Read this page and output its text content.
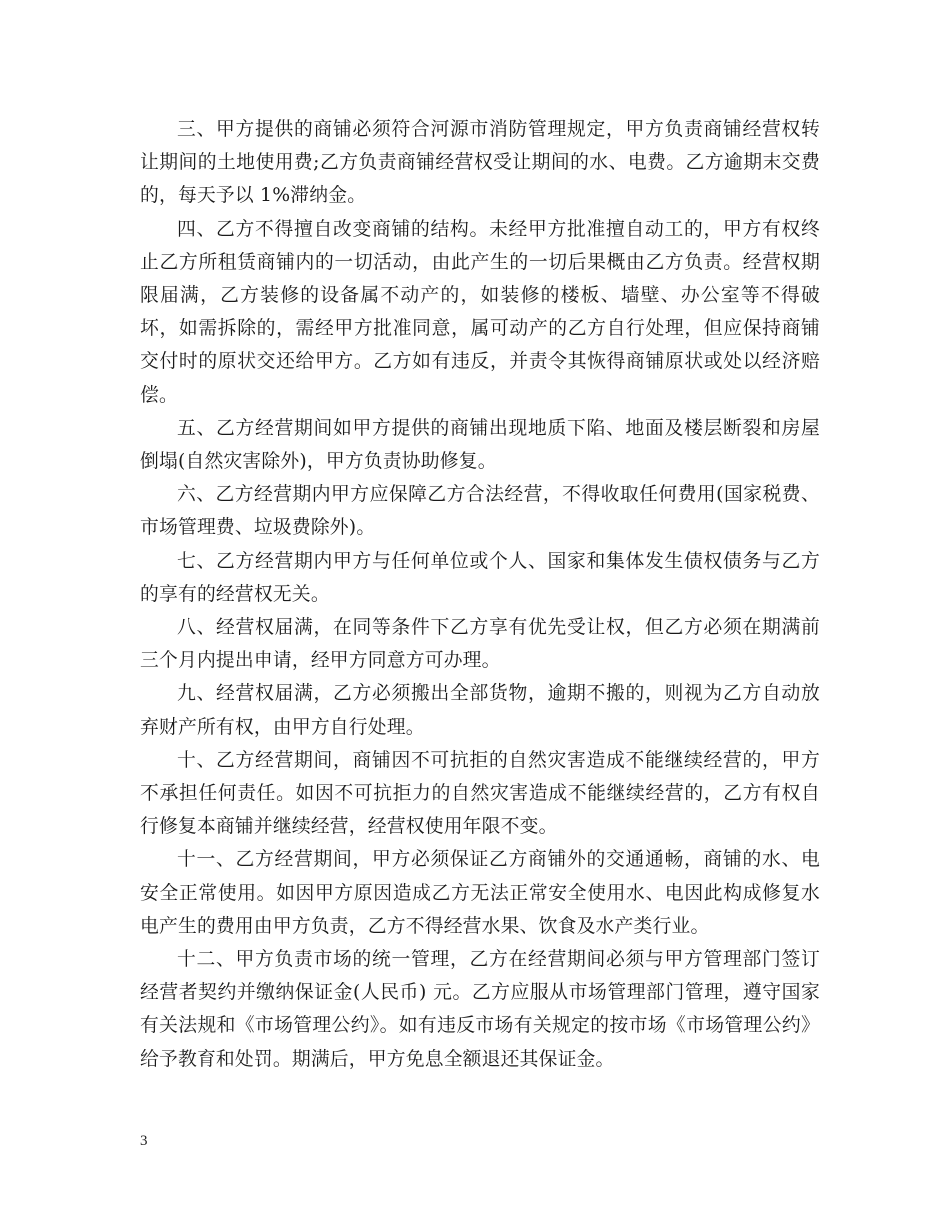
三、甲方提供的商铺必须符合河源市消防管理规定，甲方负责商铺经营权转让期间的土地使用费;乙方负责商铺经营权受让期间的水、电费。乙方逾期末交费的，每天予以 1%滞纳金。

四、乙方不得擅自改变商铺的结构。未经甲方批准擅自动工的，甲方有权终止乙方所租赁商铺内的一切活动，由此产生的一切后果概由乙方负责。经营权期限届满，乙方装修的设备属不动产的，如装修的楼板、墙壁、办公室等不得破坏，如需拆除的，需经甲方批准同意，属可动产的乙方自行处理，但应保持商铺交付时的原状交还给甲方。乙方如有违反，并责令其恢得商铺原状或处以经济赔偿。

五、乙方经营期间如甲方提供的商铺出现地质下陷、地面及楼层断裂和房屋倒塌(自然灾害除外)，甲方负责协助修复。

六、乙方经营期内甲方应保障乙方合法经营，不得收取任何费用(国家税费、市场管理费、垃圾费除外)。

七、乙方经营期内甲方与任何单位或个人、国家和集体发生债权债务与乙方的享有的经营权无关。

八、经营权届满，在同等条件下乙方享有优先受让权，但乙方必须在期满前三个月内提出申请，经甲方同意方可办理。

九、经营权届满，乙方必须搬出全部货物，逾期不搬的，则视为乙方自动放弃财产所有权，由甲方自行处理。

十、乙方经营期间，商铺因不可抗拒的自然灾害造成不能继续经营的，甲方不承担任何责任。如因不可抗拒力的自然灾害造成不能继续经营的，乙方有权自行修复本商铺并继续经营，经营权使用年限不变。

十一、乙方经营期间，甲方必须保证乙方商铺外的交通通畅，商铺的水、电安全正常使用。如因甲方原因造成乙方无法正常安全使用水、电因此构成修复水电产生的费用由甲方负责，乙方不得经营水果、饮食及水产类行业。

十二、甲方负责市场的统一管理，乙方在经营期间必须与甲方管理部门签订经营者契约并缴纳保证金(人民币) 元。乙方应服从市场管理部门管理，遵守国家有关法规和《市场管理公约》。如有违反市场有关规定的按市场《市场管理公约》给予教育和处罚。期满后，甲方免息全额退还其保证金。

3
